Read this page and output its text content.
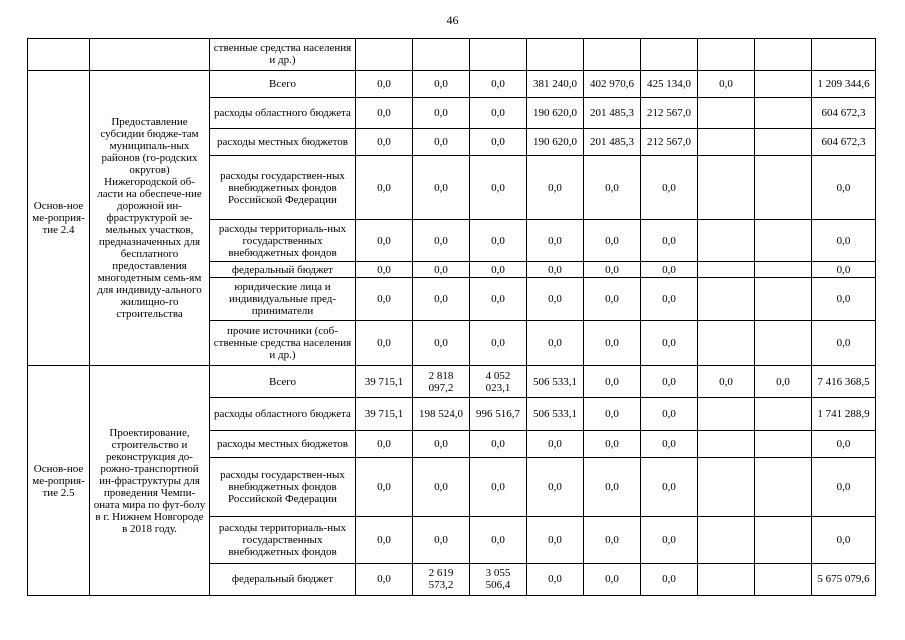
46
		ственные средства населения и др.)									
Основ-ное ме-роприя-тие 2.4	Предоставление субсидии бюдже-там муниципаль-ных районов (го-родских округов) Нижегородской об-ласти на обеспече-ние дорожной ин-фраструктурой зе-мельных участков, предназначенных для бесплатного предоставления многодетным семь-ям для индивиду-ального жилищно-го строительства	Всего	0,0	0,0	0,0	381 240,0	402 970,6	425 134,0	0,0		1 209 344,6
		расходы областного бюджета	0,0	0,0	0,0	190 620,0	201 485,3	212 567,0			604 672,3
		расходы местных бюджетов	0,0	0,0	0,0	190 620,0	201 485,3	212 567,0			604 672,3
		расходы государствен-ных внебюджетных фондов Российской Федерации	0,0	0,0	0,0	0,0	0,0	0,0			0,0
		расходы территориаль-ных государственных внебюджетных фондов	0,0	0,0	0,0	0,0	0,0	0,0			0,0
		федеральный бюджет	0,0	0,0	0,0	0,0	0,0	0,0			0,0
		юридические лица и индивидуальные пред-приниматели	0,0	0,0	0,0	0,0	0,0	0,0			0,0
		прочие источники (соб-ственные средства населения и др.)	0,0	0,0	0,0	0,0	0,0	0,0			0,0
Основ-ное ме-роприя-тие 2.5	Проектирование, строительство и реконструкция до-рожно-транспортной ин-фраструктуры для проведения Чемпи-оната мира по фут-болу в г. Нижнем Новгороде в 2018 году.	Всего	39 715,1	2 818 097,2	4 052 023,1	506 533,1	0,0	0,0	0,0	0,0	7 416 368,5
		расходы областного бюджета	39 715,1	198 524,0	996 516,7	506 533,1	0,0	0,0			1 741 288,9
		расходы местных бюджетов	0,0	0,0	0,0	0,0	0,0	0,0			0,0
		расходы государствен-ных внебюджетных фондов Российской Федерации	0,0	0,0	0,0	0,0	0,0	0,0			0,0
		расходы территориаль-ных государственных внебюджетных фондов	0,0	0,0	0,0	0,0	0,0	0,0			0,0
		федеральный бюджет	0,0	2 619 573,2	3 055 506,4	0,0	0,0	0,0			5 675 079,6
